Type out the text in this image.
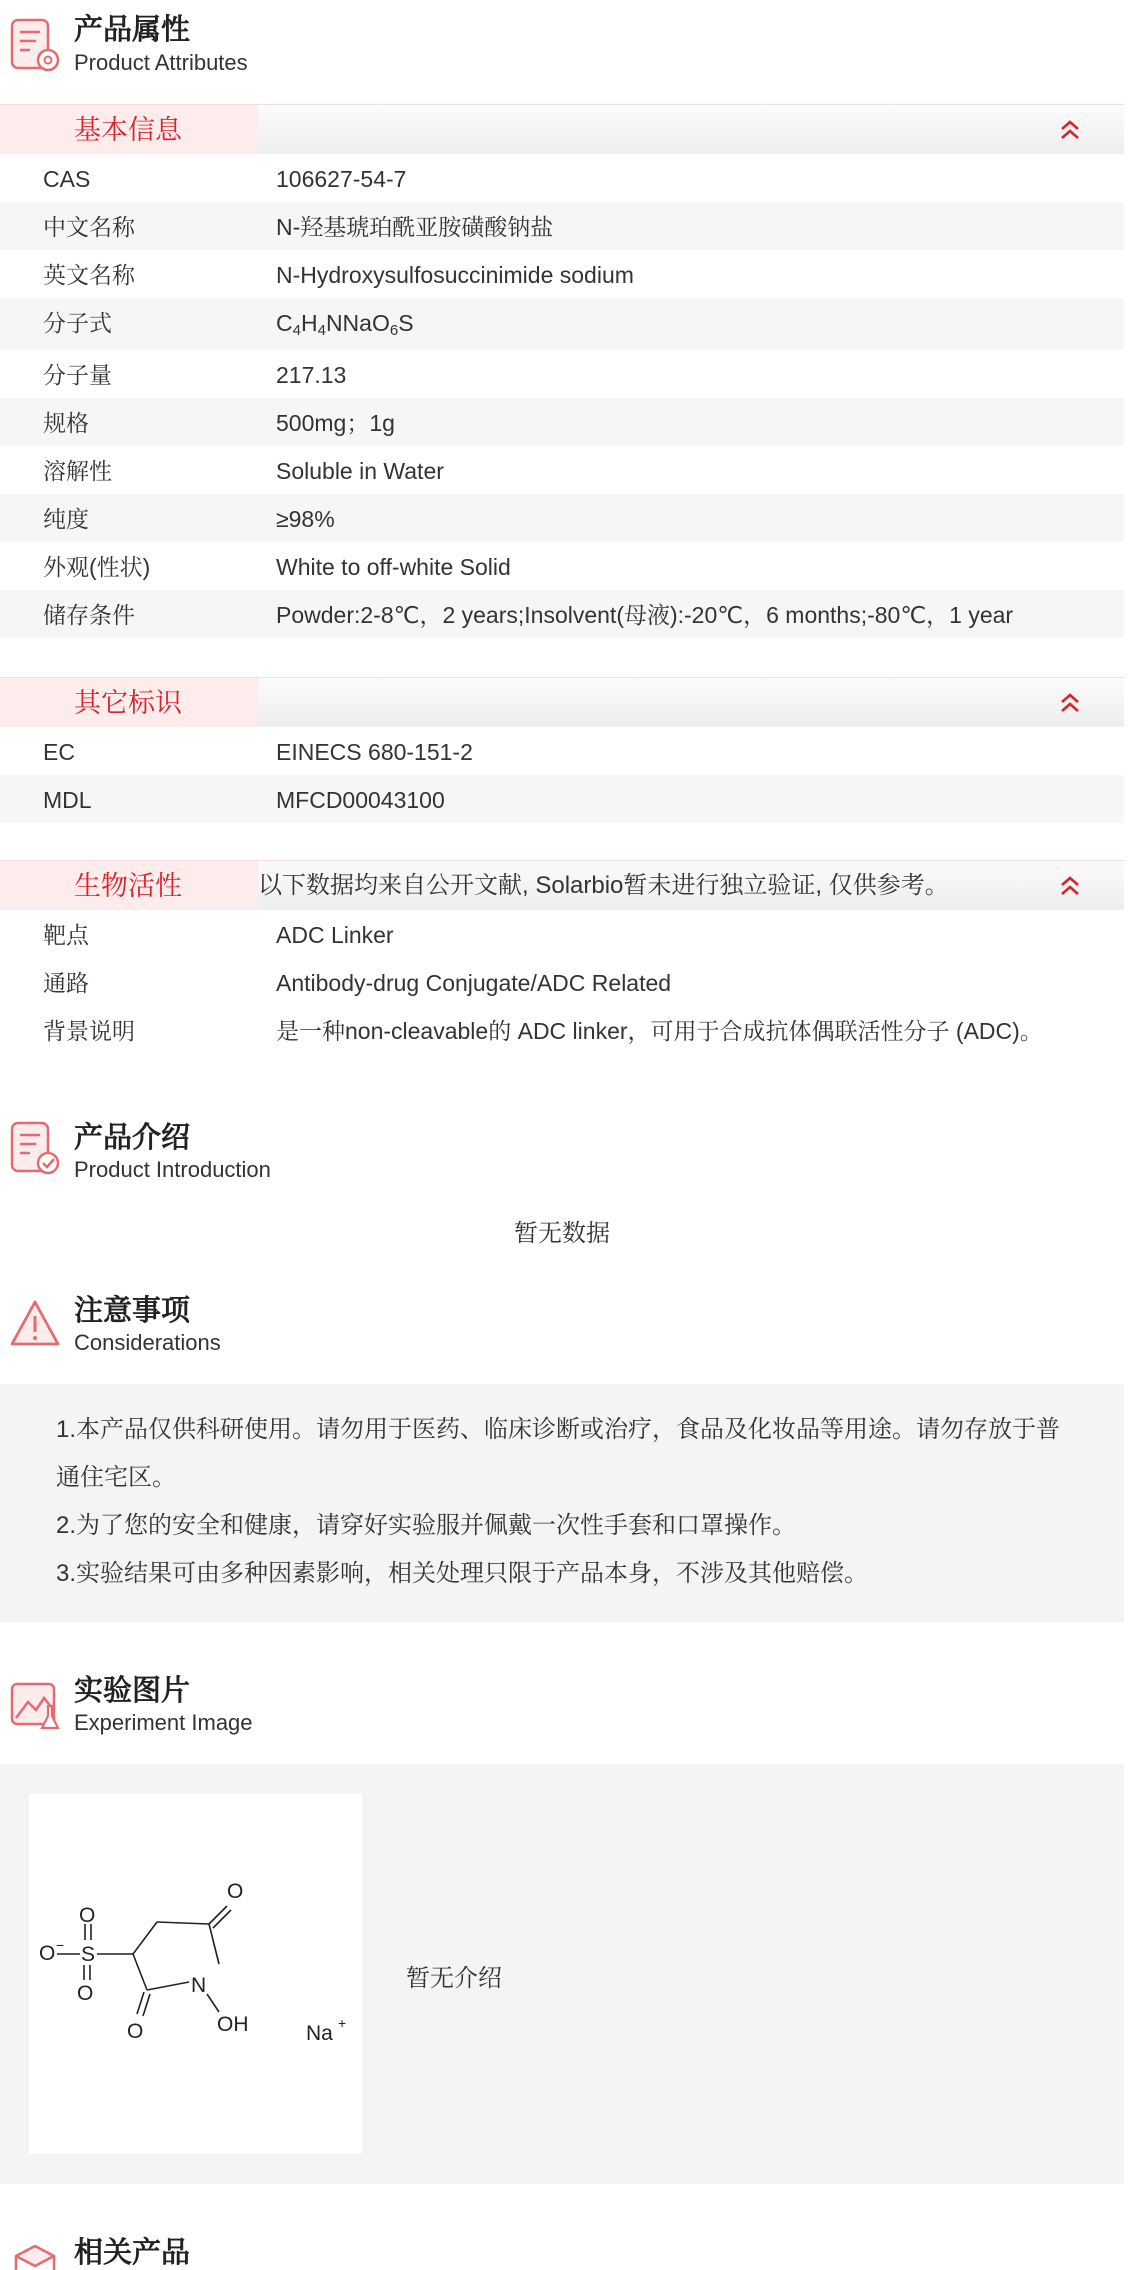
产品属性
Product Attributes
基本信息
CAS	106627-54-7
中文名称	N-羟基琥珀酰亚胺磺酸钠盐
英文名称	N-Hydroxysulfosuccinimide sodium
分子式	$C_4H_4NNaO_6S$
分子量	217.13
规格	500mg；1g
溶解性	Soluble in Water
纯度	≥98%
外观(性状)	White to off-white Solid
储存条件	Powder:2-8℃，2 years;Insolvent(母液):-20℃，6 months;-80℃，1 year
其它标识
EC	EINECS 680-151-2
MDL	MFCD00043100
生物活性	以下数据均来自公开文献, Solarbio暂未进行独立验证, 仅供参考。
靶点	ADC Linker
通路	Antibody-drug Conjugate/ADC Related
背景说明	是一种non-cleavable的 ADC linker，可用于合成抗体偶联活性分子 (ADC)。
产品介绍
Product Introduction
暂无数据
注意事项
Considerations

1.本产品仅供科研使用。请勿用于医药、临床诊断或治疗，食品及化妆品等用途。请勿存放于普通住宅区。

2.为了您的安全和健康，请穿好实验服并佩戴一次性手套和口罩操作。

3.实验结果可由多种因素影响，相关处理只限于产品本身，不涉及其他赔偿。

实验图片
Experiment Image
O − S
O
O
O
O
N
OH	Na +
暂无介绍
相关产品
